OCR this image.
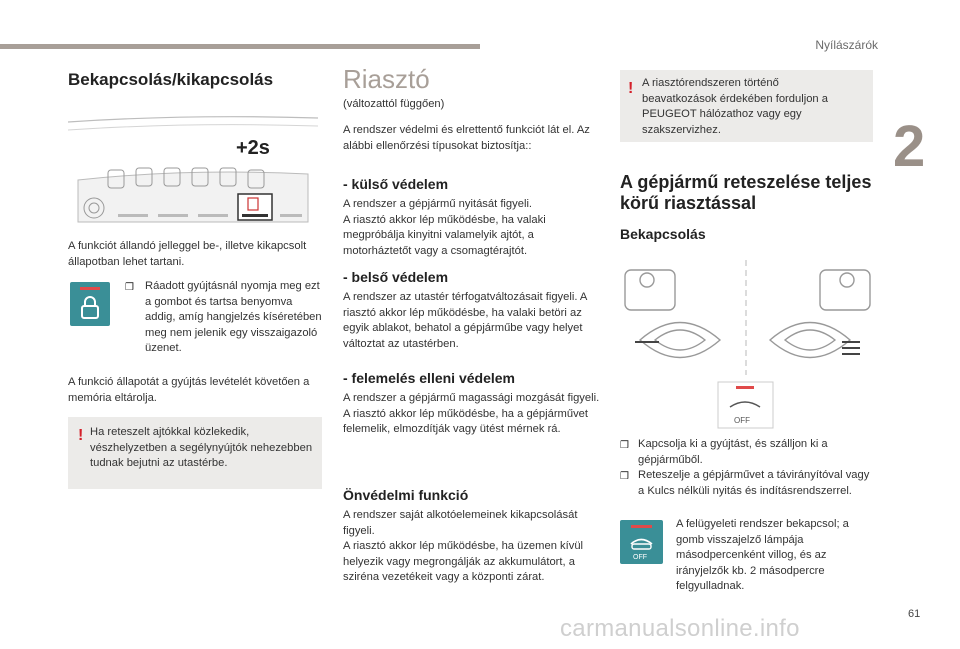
Nyílászárók
2
61
carmanualsonline.info
Bekapcsolás/kikapcsolás
+2s

A funkciót állandó jelleggel be-, illetve kikapcsolt állapotban lehet tartani.

❒ Ráadott gyújtásnál nyomja meg ezt a gombot és tartsa benyomva addig, amíg hangjelzés kíséretében meg nem jelenik egy visszaigazoló üzenet.

A funkció állapotát a gyújtás levételét követően a memória eltárolja.

! Ha reteszelt ajtókkal közlekedik, vészhelyzetben a segélynyújtók nehezebben tudnak bejutni az utastérbe.

Riasztó

(változattól függően)

A rendszer védelmi és elrettentő funkciót lát el. Az alábbi ellenőrzési típusokat biztosítja::

- külső védelem

A rendszer a gépjármű nyitását figyeli.
A riasztó akkor lép működésbe, ha valaki megpróbálja kinyitni valamelyik ajtót, a motorháztetőt vagy a csomagtérajtót.

- belső védelem

A rendszer az utastér térfogatváltozásait figyeli. A riasztó akkor lép működésbe, ha valaki betöri az egyik ablakot, behatol a gépjárműbe vagy helyet változtat az utastérben.

- felemelés elleni védelem

A rendszer a gépjármű magassági mozgását figyeli.
A riasztó akkor lép működésbe, ha a gépjárművet felemelik, elmozdítják vagy ütést mérnek rá.

Önvédelmi funkció

A rendszer saját alkotóelemeinek kikapcsolását figyeli.
A riasztó akkor lép működésbe, ha üzemen kívül helyezik vagy megrongálják az akkumulátort, a sziréna vezetékeit vagy a központi zárat.

! A riasztórendszeren történő beavatkozások érdekében forduljon a PEUGEOT hálózathoz vagy egy szakszervizhez.

A gépjármű reteszelése teljes körű riasztással
Bekapcsolás
OFF
❒ Kapcsolja ki a gyújtást, és szálljon ki a gépjárműből.

❒ Reteszelje a gépjárművet a távirányítóval vagy a Kulcs nélküli nyitás és indításrendszerrel.

OFF

A felügyeleti rendszer bekapcsol; a gomb visszajelző lámpája másodpercenként villog, és az irányjelzők kb. 2 másodpercre felgyulladnak.
